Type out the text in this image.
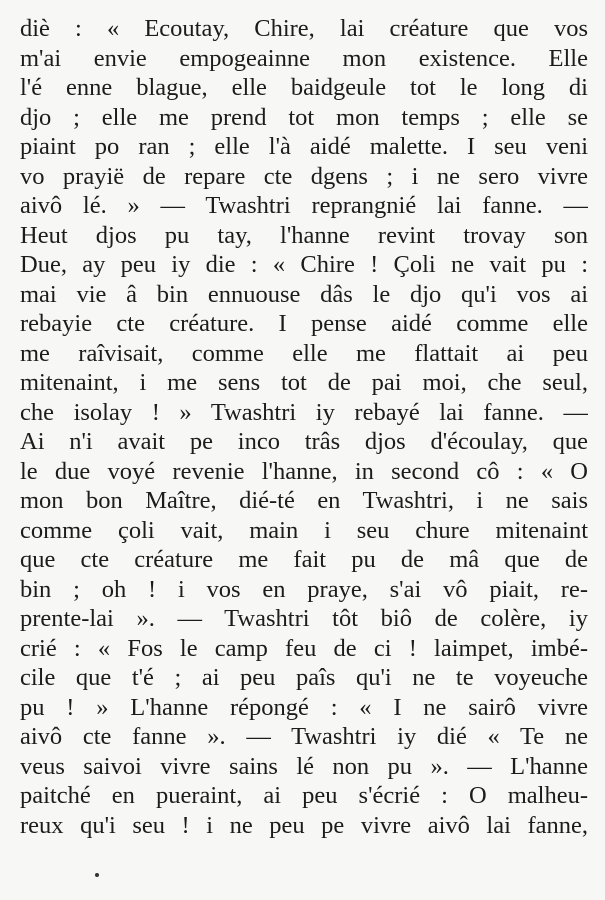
diè : « Ecoutay, Chire, lai créature que vos
m'ai envie empogeainne mon existence. Elle
l'é enne blague, elle baidgeule tot le long di
djo ; elle me prend tot mon temps ; elle se
piaint po ran ; elle l'à aidé malette. I seu veni
vo prayië de repare cte dgens ; i ne sero vivre
aivô lé. » — Twashtri reprangnié lai fanne. —
Heut djos pu tay, l'hanne revint trovay son
Due, ay peu iy die : « Chire ! Çoli ne vait pu :
mai vie â bin ennuouse dâs le djo qu'i vos ai
rebayie cte créature. I pense aidé comme elle
me raîvisait, comme elle me flattait ai peu
mitenaint, i me sens tot de pai moi, che seul,
che isolay ! » Twashtri iy rebayé lai fanne. —
Ai n'i avait pe inco trâs djos d'écoulay, que
le due voyé revenie l'hanne, in second cô : « O
mon bon Maître, dié-té en Twashtri, i ne sais
comme çoli vait, main i seu chure mitenaint
que cte créature me fait pu de mâ que de
bin ; oh ! i vos en praye, s'ai vô piait, re-
prente-lai ». — Twashtri tôt biô de colère, iy
crié : « Fos le camp feu de ci ! laimpet, imbé-
cile que t'é ; ai peu paîs qu'i ne te voyeuche
pu ! » L'hanne répongé : « I ne sairô vivre
aivô cte fanne ». — Twashtri iy dié « Te ne
veus saivoi vivre sains lé non pu ». — L'hanne
paitché en pueraint, ai peu s'écrié : O malheu-
reux qu'i seu ! i ne peu pe vivre aivô lai fanne,
